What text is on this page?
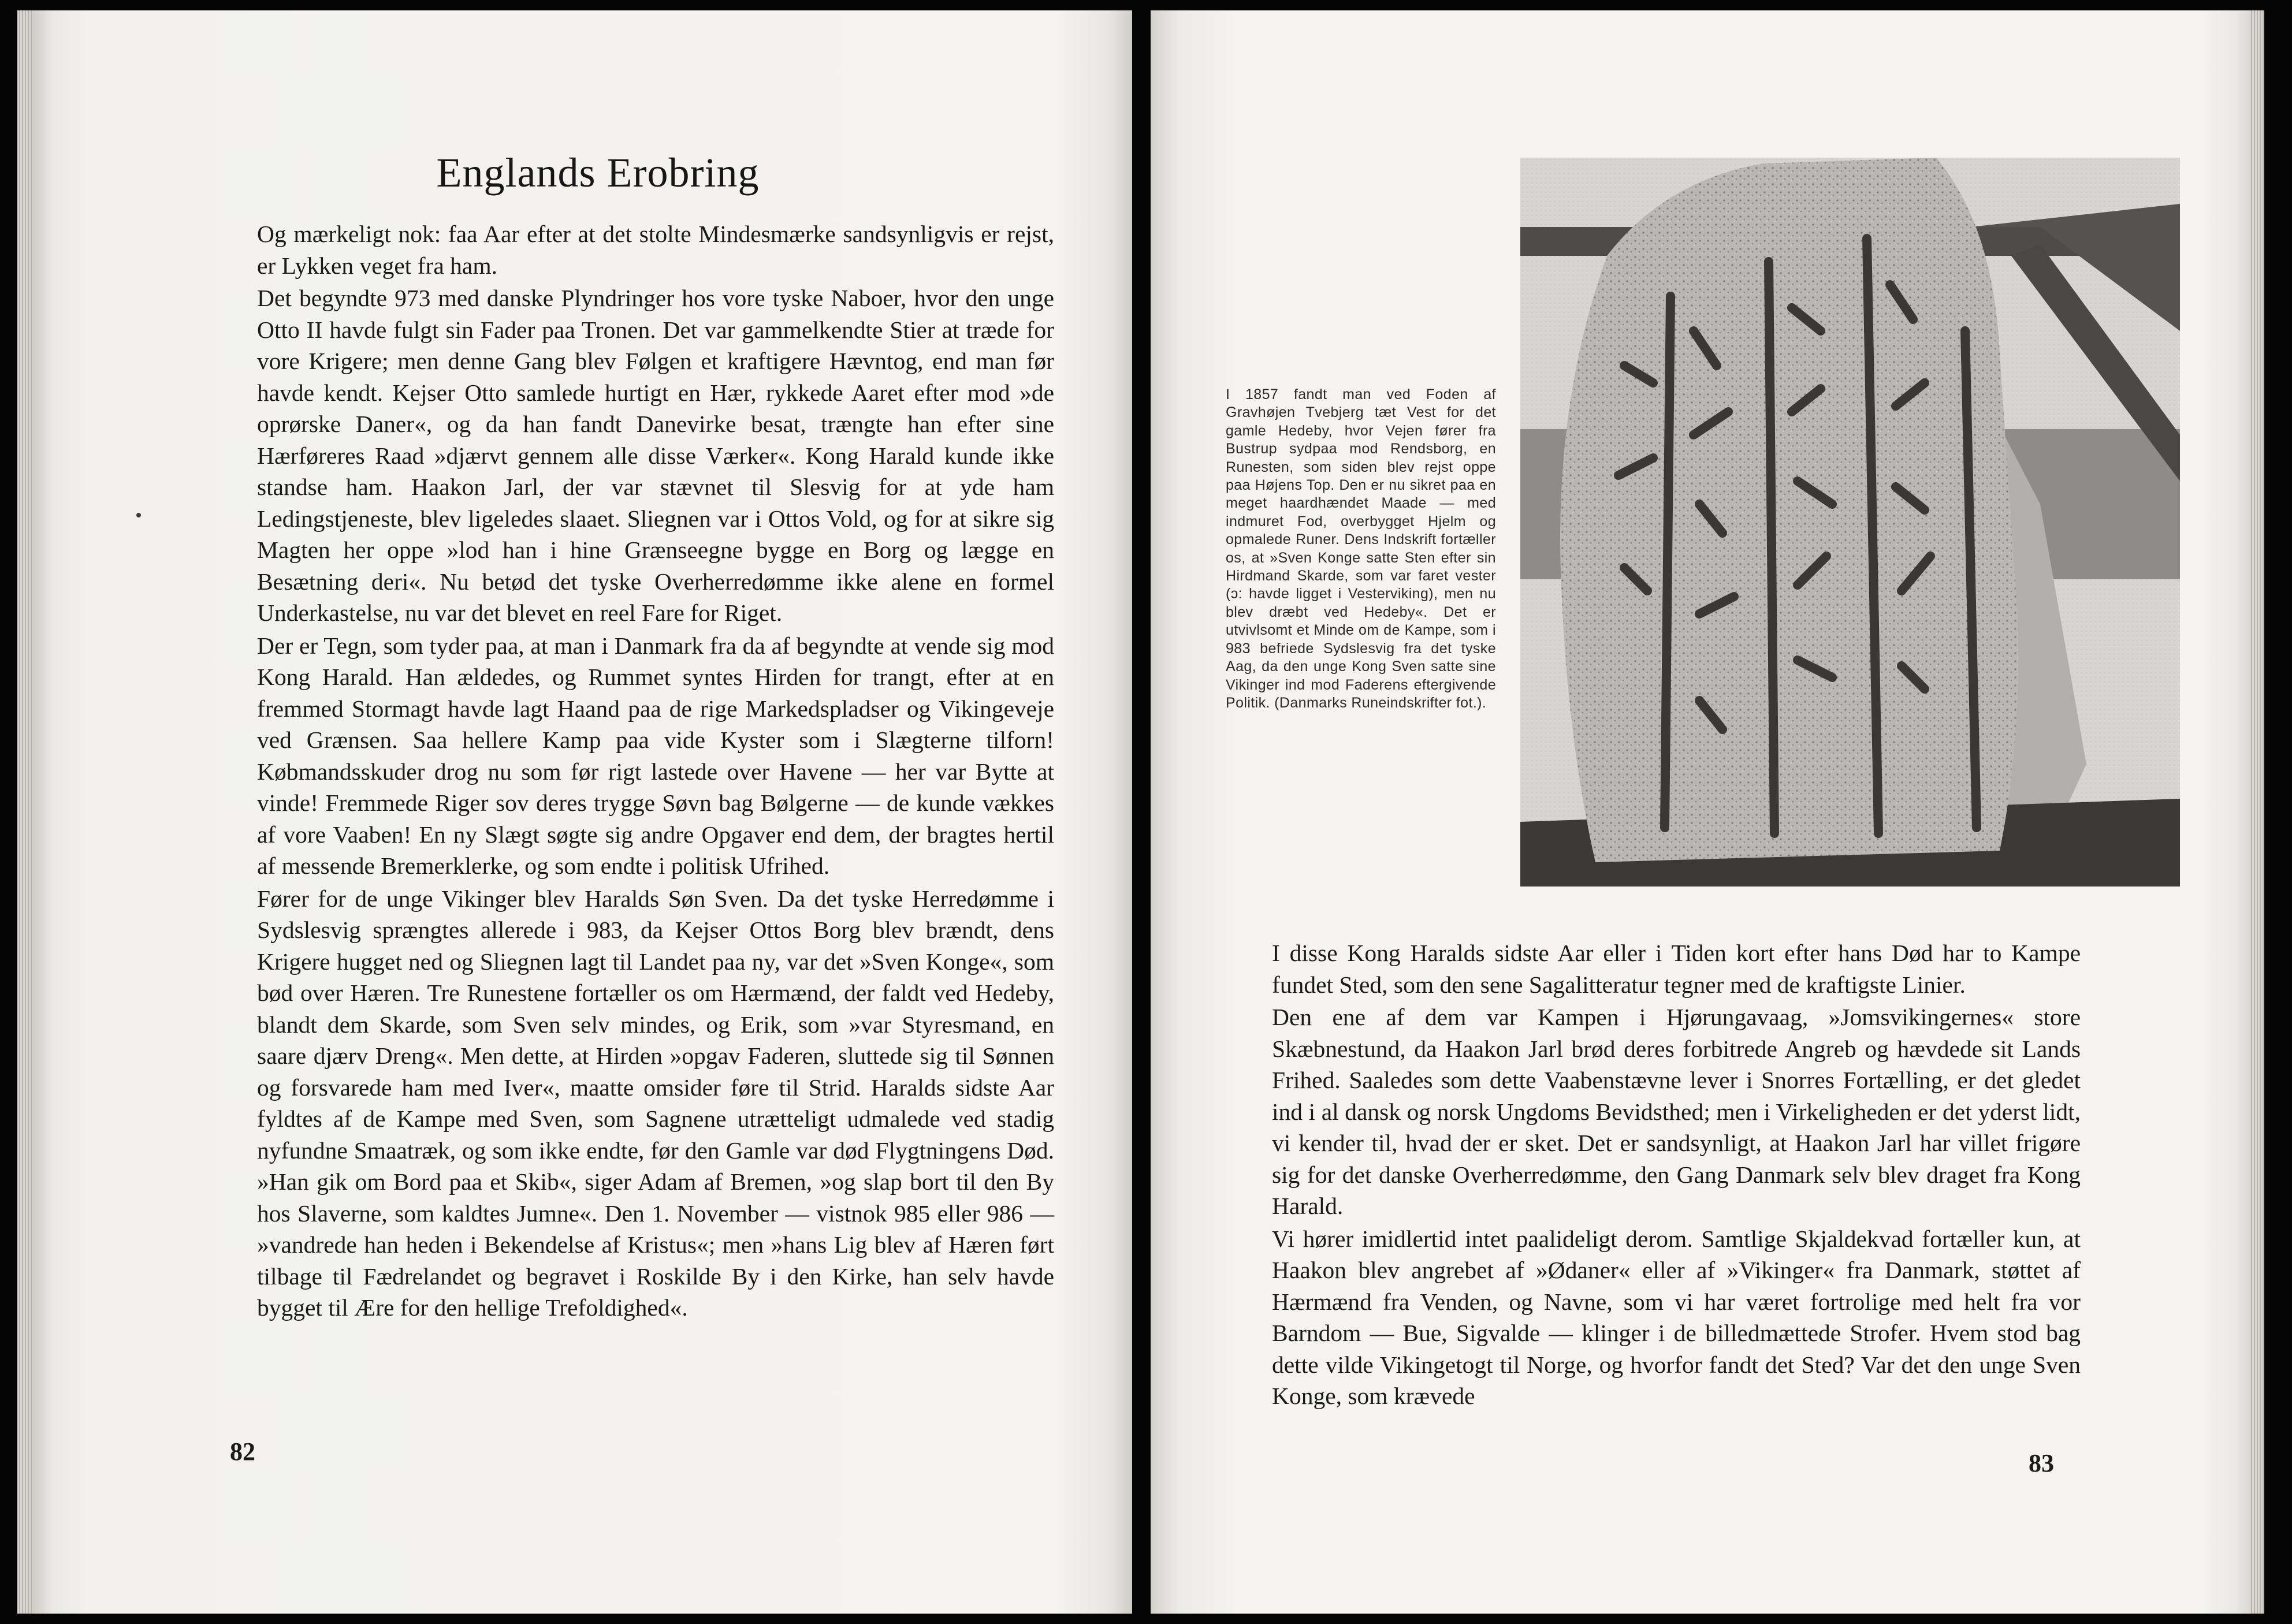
Englands Erobring

Og mærkeligt nok: faa Aar efter at det stolte Mindesmærke sandsynligvis er rejst, er Lykken veget fra ham.

Det begyndte 973 med danske Plyndringer hos vore tyske Naboer, hvor den unge Otto II havde fulgt sin Fader paa Tronen. Det var gammelkendte Stier at træde for vore Krigere; men denne Gang blev Følgen et kraftigere Hævntog, end man før havde kendt. Kejser Otto samlede hurtigt en Hær, rykkede Aaret efter mod »de oprørske Daner«, og da han fandt Danevirke besat, trængte han efter sine Hærføreres Raad »djærvt gennem alle disse Værker«. Kong Harald kunde ikke standse ham. Haakon Jarl, der var stævnet til Slesvig for at yde ham Ledingstjeneste, blev ligeledes slaaet. Sliegnen var i Ottos Vold, og for at sikre sig Magten her oppe »lod han i hine Grænseegne bygge en Borg og lægge en Besætning deri«. Nu betød det tyske Overherredømme ikke alene en formel Underkastelse, nu var det blevet en reel Fare for Riget.

Der er Tegn, som tyder paa, at man i Danmark fra da af begyndte at vende sig mod Kong Harald. Han ældedes, og Rummet syntes Hirden for trangt, efter at en fremmed Stormagt havde lagt Haand paa de rige Markedspladser og Vikingeveje ved Grænsen. Saa hellere Kamp paa vide Kyster som i Slægterne tilforn! Købmandsskuder drog nu som før rigt lastede over Havene — her var Bytte at vinde! Fremmede Riger sov deres trygge Søvn bag Bølgerne — de kunde vækkes af vore Vaaben! En ny Slægt søgte sig andre Opgaver end dem, der bragtes hertil af messende Bremerklerke, og som endte i politisk Ufrihed.

Fører for de unge Vikinger blev Haralds Søn Sven. Da det tyske Herredømme i Sydslesvig sprængtes allerede i 983, da Kejser Ottos Borg blev brændt, dens Krigere hugget ned og Sliegnen lagt til Landet paa ny, var det »Sven Konge«, som bød over Hæren. Tre Runestene fortæller os om Hærmænd, der faldt ved Hedeby, blandt dem Skarde, som Sven selv mindes, og Erik, som »var Styresmand, en saare djærv Dreng«. Men dette, at Hirden »opgav Faderen, sluttede sig til Sønnen og forsvarede ham med Iver«, maatte omsider føre til Strid. Haralds sidste Aar fyldtes af de Kampe med Sven, som Sagnene utrætteligt udmalede ved stadig nyfundne Smaatræk, og som ikke endte, før den Gamle var død Flygtningens Død. »Han gik om Bord paa et Skib«, siger Adam af Bremen, »og slap bort til den By hos Slaverne, som kaldtes Jumne«. Den 1. November — vistnok 985 eller 986 — »vandrede han heden i Bekendelse af Kristus«; men »hans Lig blev af Hæren ført tilbage til Fædrelandet og begravet i Roskilde By i den Kirke, han selv havde bygget til Ære for den hellige Trefoldighed«.

82

I 1857 fandt man ved Foden af Gravhøjen Tvebjerg tæt Vest for det gamle Hedeby, hvor Vejen fører fra Bustrup sydpaa mod Rendsborg, en Runesten, som siden blev rejst oppe paa Højens Top. Den er nu sikret paa en meget haardhændet Maade — med indmuret Fod, overbygget Hjelm og opmalede Runer. Dens Indskrift fortæller os, at »Sven Konge satte Sten efter sin Hirdmand Skarde, som var faret vester (ɔ: havde ligget i Vesterviking), men nu blev dræbt ved Hedeby«. Det er utvivlsomt et Minde om de Kampe, som i 983 befriede Sydslesvig fra det tyske Aag, da den unge Kong Sven satte sine Vikinger ind mod Faderens eftergivende Politik. (Danmarks Runeindskrifter fot.).

I disse Kong Haralds sidste Aar eller i Tiden kort efter hans Død har to Kampe fundet Sted, som den sene Sagalitteratur tegner med de kraftigste Linier.

Den ene af dem var Kampen i Hjørungavaag, »Jomsvikingernes« store Skæbnestund, da Haakon Jarl brød deres forbitrede Angreb og hævdede sit Lands Frihed. Saaledes som dette Vaabenstævne lever i Snorres Fortælling, er det gledet ind i al dansk og norsk Ungdoms Bevidsthed; men i Virkeligheden er det yderst lidt, vi kender til, hvad der er sket. Det er sandsynligt, at Haakon Jarl har villet frigøre sig for det danske Overherredømme, den Gang Danmark selv blev draget fra Kong Harald.

Vi hører imidlertid intet paalideligt derom. Samtlige Skjaldekvad fortæller kun, at Haakon blev angrebet af »Ødaner« eller af »Vikinger« fra Danmark, støttet af Hærmænd fra Venden, og Navne, som vi har været fortrolige med helt fra vor Barndom — Bue, Sigvalde — klinger i de billedmættede Strofer. Hvem stod bag dette vilde Vikingetogt til Norge, og hvorfor fandt det Sted? Var det den unge Sven Konge, som krævede

83
